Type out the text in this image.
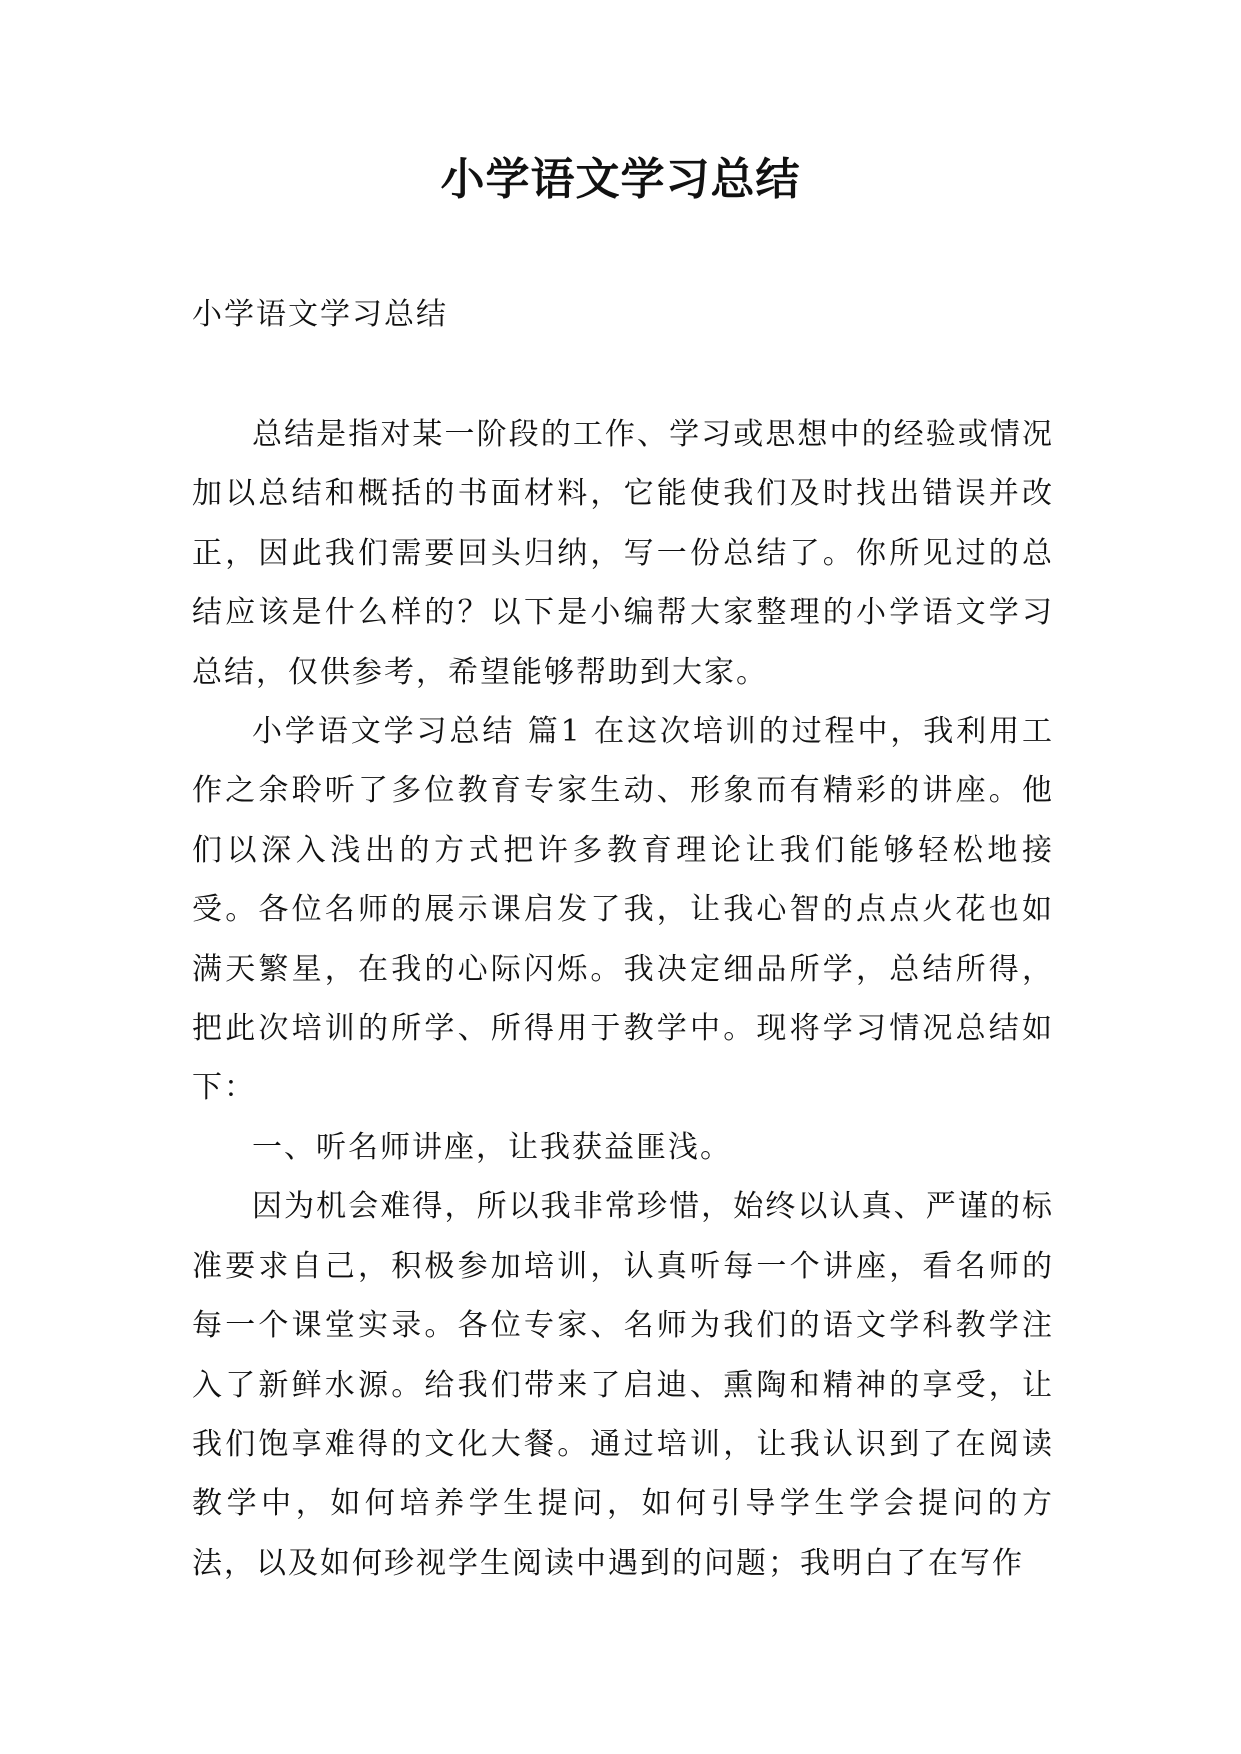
小学语文学习总结
小学语文学习总结

总结是指对某一阶段的工作、学习或思想中的经验或情况加以总结和概括的书面材料，它能使我们及时找出错误并改正，因此我们需要回头归纳，写一份总结了。你所见过的总结应该是什么样的？以下是小编帮大家整理的小学语文学习总结，仅供参考，希望能够帮助到大家。

小学语文学习总结 篇1 在这次培训的过程中，我利用工作之余聆听了多位教育专家生动、形象而有精彩的讲座。他们以深入浅出的方式把许多教育理论让我们能够轻松地接受。各位名师的展示课启发了我，让我心智的点点火花也如满天繁星，在我的心际闪烁。我决定细品所学，总结所得，把此次培训的所学、所得用于教学中。现将学习情况总结如下：

一、听名师讲座，让我获益匪浅。

因为机会难得，所以我非常珍惜，始终以认真、严谨的标准要求自己，积极参加培训，认真听每一个讲座，看名师的每一个课堂实录。各位专家、名师为我们的语文学科教学注入了新鲜水源。给我们带来了启迪、熏陶和精神的享受，让我们饱享难得的文化大餐。通过培训，让我认识到了在阅读教学中，如何培养学生提问，如何引导学生学会提问的方法，以及如何珍视学生阅读中遇到的问题；我明白了在写作
